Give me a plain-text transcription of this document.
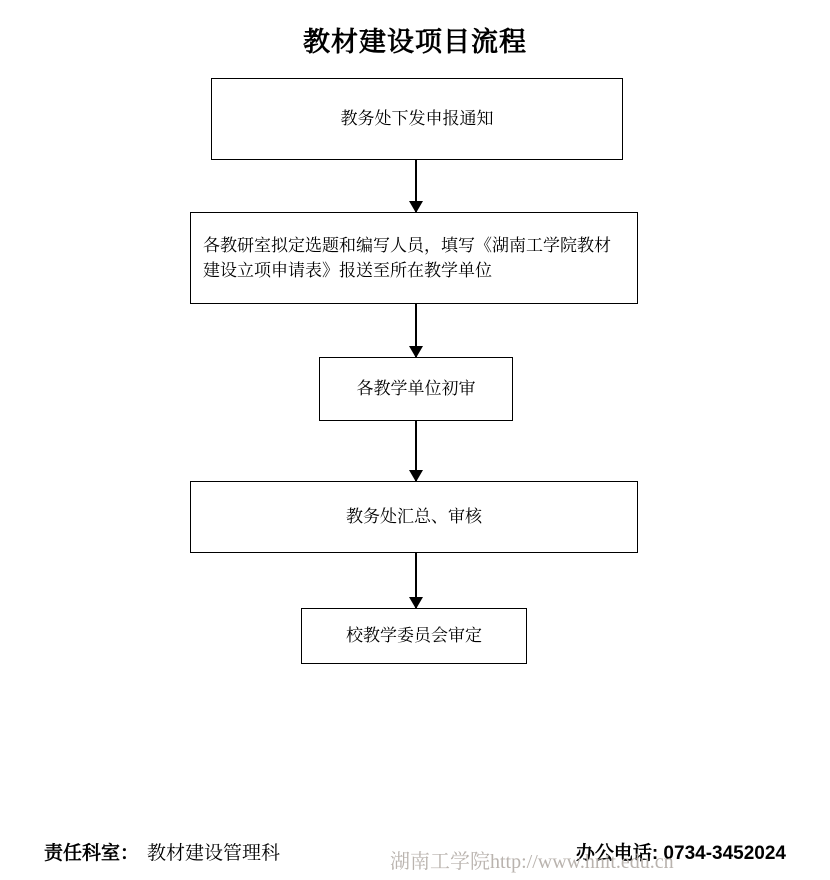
教材建设项目流程
教务处下发申报通知
各教研室拟定选题和编写人员，填写《湖南工学院教材建设立项申请表》报送至所在教学单位
各教学单位初审
教务处汇总、审核
校教学委员会审定
责任科室： 教材建设管理科	办公电话: 0734-3452024
湖南工学院http://www.hnit.edu.cn
